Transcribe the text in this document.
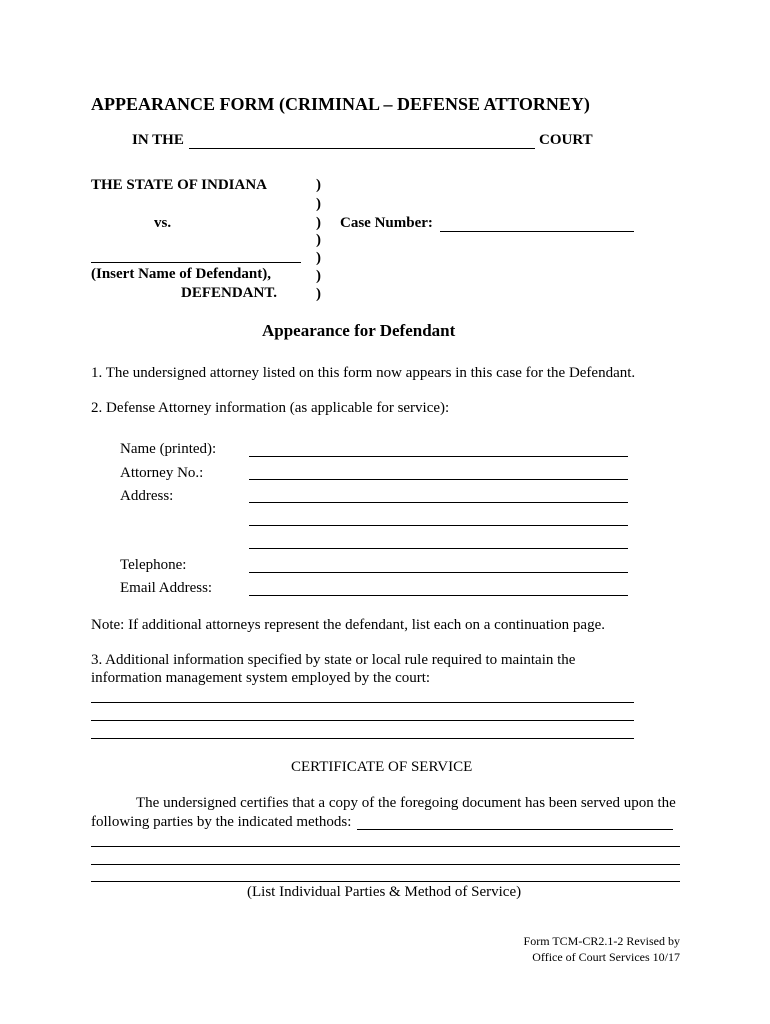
APPEARANCE FORM (CRIMINAL – DEFENSE ATTORNEY)
IN THE	COURT
THE STATE OF INDIANA
vs.
(Insert Name of Defendant),
DEFENDANT.
)
)
)
)
)
)
)
Case Number:
Appearance for Defendant
1. The undersigned attorney listed on this form now appears in this case for the Defendant.
2. Defense Attorney information (as applicable for service):
Name (printed):
Attorney No.:
Address:
Telephone:
Email Address:
Note: If additional attorneys represent the defendant, list each on a continuation page.
3. Additional information specified by state or local rule required to maintain the
information management system employed by the court:
CERTIFICATE OF SERVICE
The undersigned certifies that a copy of the foregoing document has been served upon the
following parties by the indicated methods:
(List Individual Parties & Method of Service)
Form TCM-CR2.1-2 Revised by
Office of Court Services 10/17
